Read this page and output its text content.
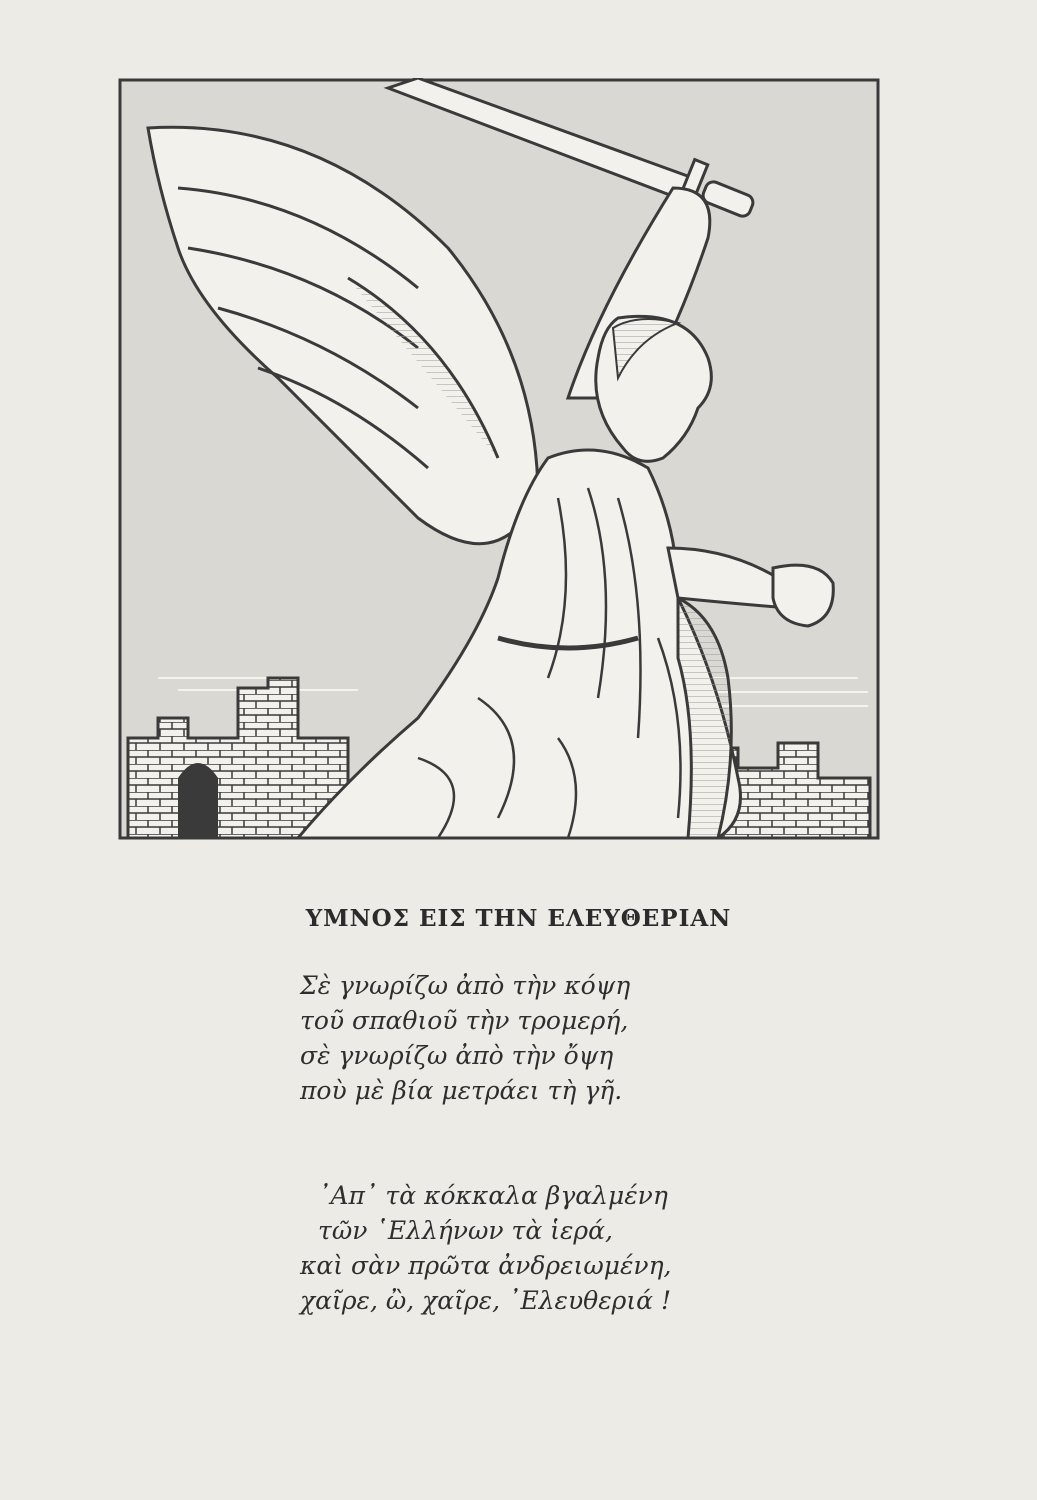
ΥΜΝΟΣ ΕΙΣ ΤΗΝ ΕΛΕΥΘΕΡΙΑΝ
Σὲ γνωρίζω ἀπὸ τὴν κόψη
τοῦ σπαθιοῦ τὴν τρομερή,
σὲ γνωρίζω ἀπὸ τὴν ὄψη
ποὺ μὲ βία μετράει τὴ γῆ.
᾿Απ᾿ τὰ κόκκαλα βγαλμένη
τῶν ῾Ελλήνων τὰ ἱερά,
καὶ σὰν πρῶτα ἀνδρειωμένη,
χαῖρε, ὢ, χαῖρε, ᾿Ελευθεριά !
